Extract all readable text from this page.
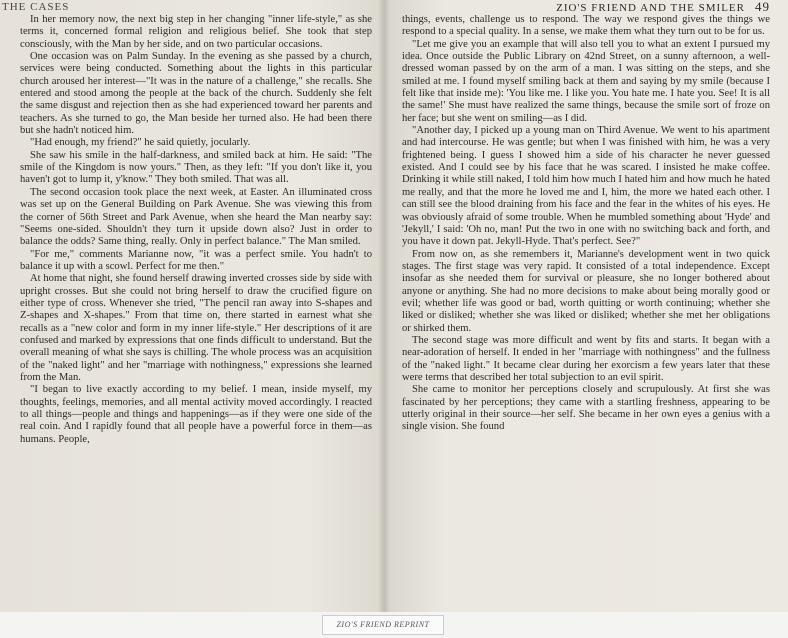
THE CASES

In her memory now, the next big step in her changing "inner life-style," as she terms it, concerned formal religion and religious belief. She took that step consciously, with the Man by her side, and on two particular occasions.

One occasion was on Palm Sunday. In the evening as she passed by a church, services were being conducted. Something about the lights in this particular church aroused her interest—"It was in the nature of a challenge," she recalls. She entered and stood among the people at the back of the church. Suddenly she felt the same disgust and rejection then as she had experienced toward her parents and teachers. As she turned to go, the Man beside her turned also. He had been there but she hadn't noticed him.

"Had enough, my friend?" he said quietly, jocularly.

She saw his smile in the half-darkness, and smiled back at him. He said: "The smile of the Kingdom is now yours." Then, as they left: "If you don't like it, you haven't got to lump it, y'know." They both smiled. That was all.

The second occasion took place the next week, at Easter. An illuminated cross was set up on the General Building on Park Avenue. She was viewing this from the corner of 56th Street and Park Avenue, when she heard the Man nearby say: "Seems one-sided. Shouldn't they turn it upside down also? Just in order to balance the odds? Same thing, really. Only in perfect balance." The Man smiled.

"For me," comments Marianne now, "it was a perfect smile. You hadn't to balance it up with a scowl. Perfect for me then."

At home that night, she found herself drawing inverted crosses side by side with upright crosses. But she could not bring herself to draw the crucified figure on either type of cross. Whenever she tried, "The pencil ran away into S-shapes and Z-shapes and X-shapes." From that time on, there started in earnest what she recalls as a "new color and form in my inner life-style." Her descriptions of it are confused and marked by expressions that one finds difficult to understand. But the overall meaning of what she says is chilling. The whole process was an acquisition of the "naked light" and her "marriage with nothingness," expressions she learned from the Man.

"I began to live exactly according to my belief. I mean, inside myself, my thoughts, feelings, memories, and all mental activity moved accordingly. I reacted to all things—people and things and happenings—as if they were one side of the real coin. And I rapidly found that all people have a powerful force in them—as humans. People,

ZIO'S FRIEND AND THE SMILER 49

things, events, challenge us to respond. The way we respond gives the things we respond to a special quality. In a sense, we make them what they turn out to be for us.

"Let me give you an example that will also tell you to what an extent I pursued my idea. Once outside the Public Library on 42nd Street, on a sunny afternoon, a well-dressed woman passed by on the arm of a man. I was sitting on the steps, and she smiled at me. I found myself smiling back at them and saying by my smile (because I felt like that inside me): 'You like me. I like you. You hate me. I hate you. See! It is all the same!' She must have realized the same things, because the smile sort of froze on her face; but she went on smiling—as I did.

"Another day, I picked up a young man on Third Avenue. We went to his apartment and had intercourse. He was gentle; but when I was finished with him, he was a very frightened being. I guess I showed him a side of his character he never guessed existed. And I could see by his face that he was scared. I insisted he make coffee. Drinking it while still naked, I told him how much I hated him and how much he hated me really, and that the more he loved me and I, him, the more we hated each other. I can still see the blood draining from his face and the fear in the whites of his eyes. He was obviously afraid of some trouble. When he mumbled something about 'Hyde' and 'Jekyll,' I said: 'Oh no, man! Put the two in one with no switching back and forth, and you have it down pat. Jekyll-Hyde. That's perfect. See?"

From now on, as she remembers it, Marianne's development went in two quick stages. The first stage was very rapid. It consisted of a total independence. Except insofar as she needed them for survival or pleasure, she no longer bothered about anyone or anything. She had no more decisions to make about being morally good or evil; whether life was good or bad, worth quitting or worth continuing; whether she liked or disliked; whether she was liked or disliked; whether she met her obligations or shirked them.

The second stage was more difficult and went by fits and starts. It began with a near-adoration of herself. It ended in her "marriage with nothingness" and the fullness of the "naked light." It became clear during her exorcism a few years later that these were terms that described her total subjection to an evil spirit.

She came to monitor her perceptions closely and scrupulously. At first she was fascinated by her perceptions; they came with a startling freshness, appearing to be utterly original in their source—her self. She became in her own eyes a genius with a single vision. She found

ZIO'S FRIEND REPRINT
